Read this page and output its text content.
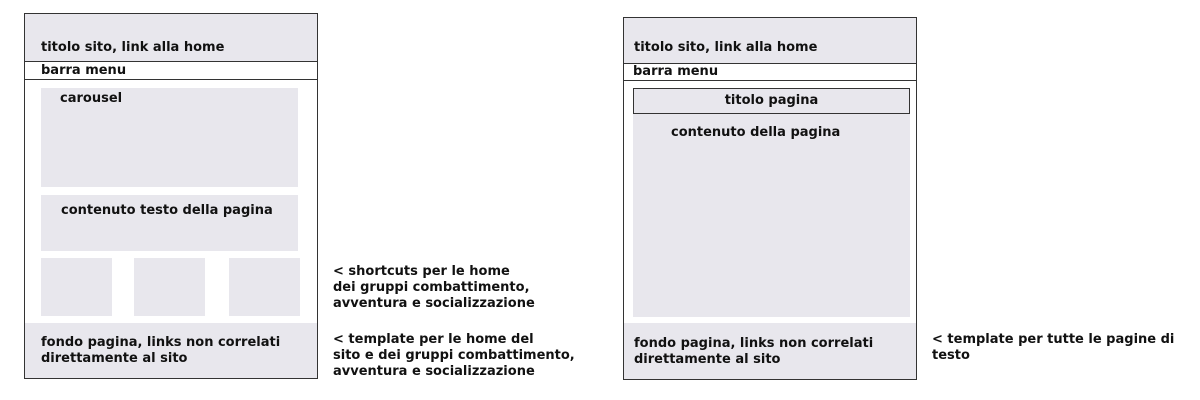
titolo sito, link alla home
barra menu
carousel
contenuto testo della pagina
fondo pagina, links non correlati
direttamente al sito
< shortcuts per le home
dei gruppi combattimento,
avventura e socializzazione
< template per le home del
sito e dei gruppi combattimento,
avventura e socializzazione
titolo sito, link alla home
barra menu
titolo pagina
contenuto della pagina
fondo pagina, links non correlati
direttamente al sito
< template per tutte le pagine di
testo
